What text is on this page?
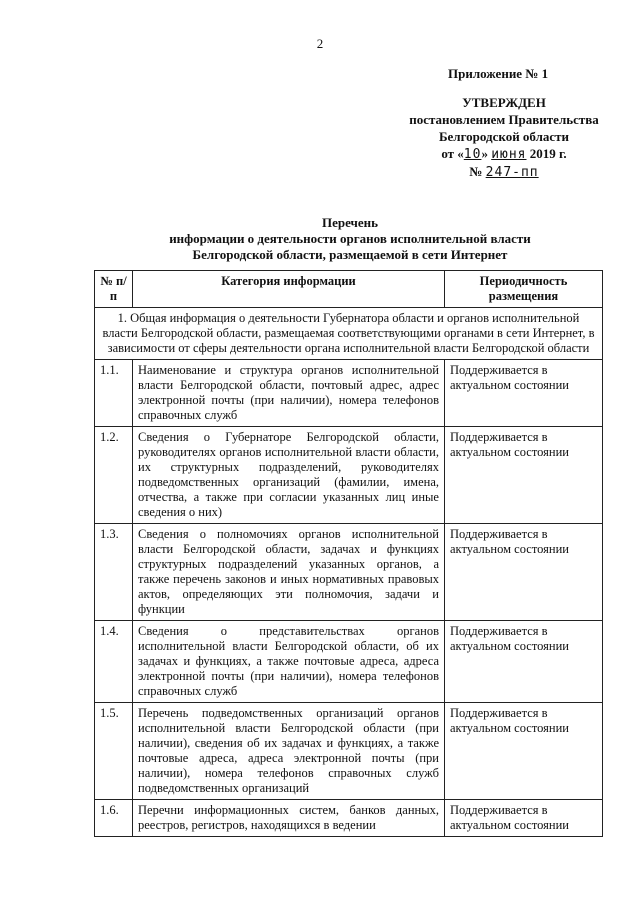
2
Приложение № 1
УТВЕРЖДЕН
постановлением Правительства
Белгородской области
от «10» июня 2019 г.
№ 247-пп
Перечень
информации о деятельности органов исполнительной власти
Белгородской области, размещаемой в сети Интернет
№ п/п	Категория информации	Периодичность размещения
1. Общая информация о деятельности Губернатора области и органов исполнительной власти Белгородской области, размещаемая соответствующими органами в сети Интернет, в зависимости от сферы деятельности органа исполнительной власти Белгородской области		
1.1.	Наименование и структура органов исполнительной власти Белгородской области, почтовый адрес, адрес электронной почты (при наличии), номера телефонов справочных служб	Поддерживается в актуальном состоянии
1.2.	Сведения о Губернаторе Белгородской области, руководителях органов исполнительной власти области, их структурных подразделений, руководителях подведомственных организаций (фамилии, имена, отчества, а также при согласии указанных лиц иные сведения о них)	Поддерживается в актуальном состоянии
1.3.	Сведения о полномочиях органов исполнительной власти Белгородской области, задачах и функциях структурных подразделений указанных органов, а также перечень законов и иных нормативных правовых актов, определяющих эти полномочия, задачи и функции	Поддерживается в актуальном состоянии
1.4.	Сведения о представительствах органов исполнительной власти Белгородской области, об их задачах и функциях, а также почтовые адреса, адреса электронной почты (при наличии), номера телефонов справочных служб	Поддерживается в актуальном состоянии
1.5.	Перечень подведомственных организаций органов исполнительной власти Белгородской области (при наличии), сведения об их задачах и функциях, а также почтовые адреса, адреса электронной почты (при наличии), номера телефонов справочных служб подведомственных организаций	Поддерживается в актуальном состоянии
1.6.	Перечни информационных систем, банков данных, реестров, регистров, находящихся в ведении	Поддерживается в актуальном состоянии
